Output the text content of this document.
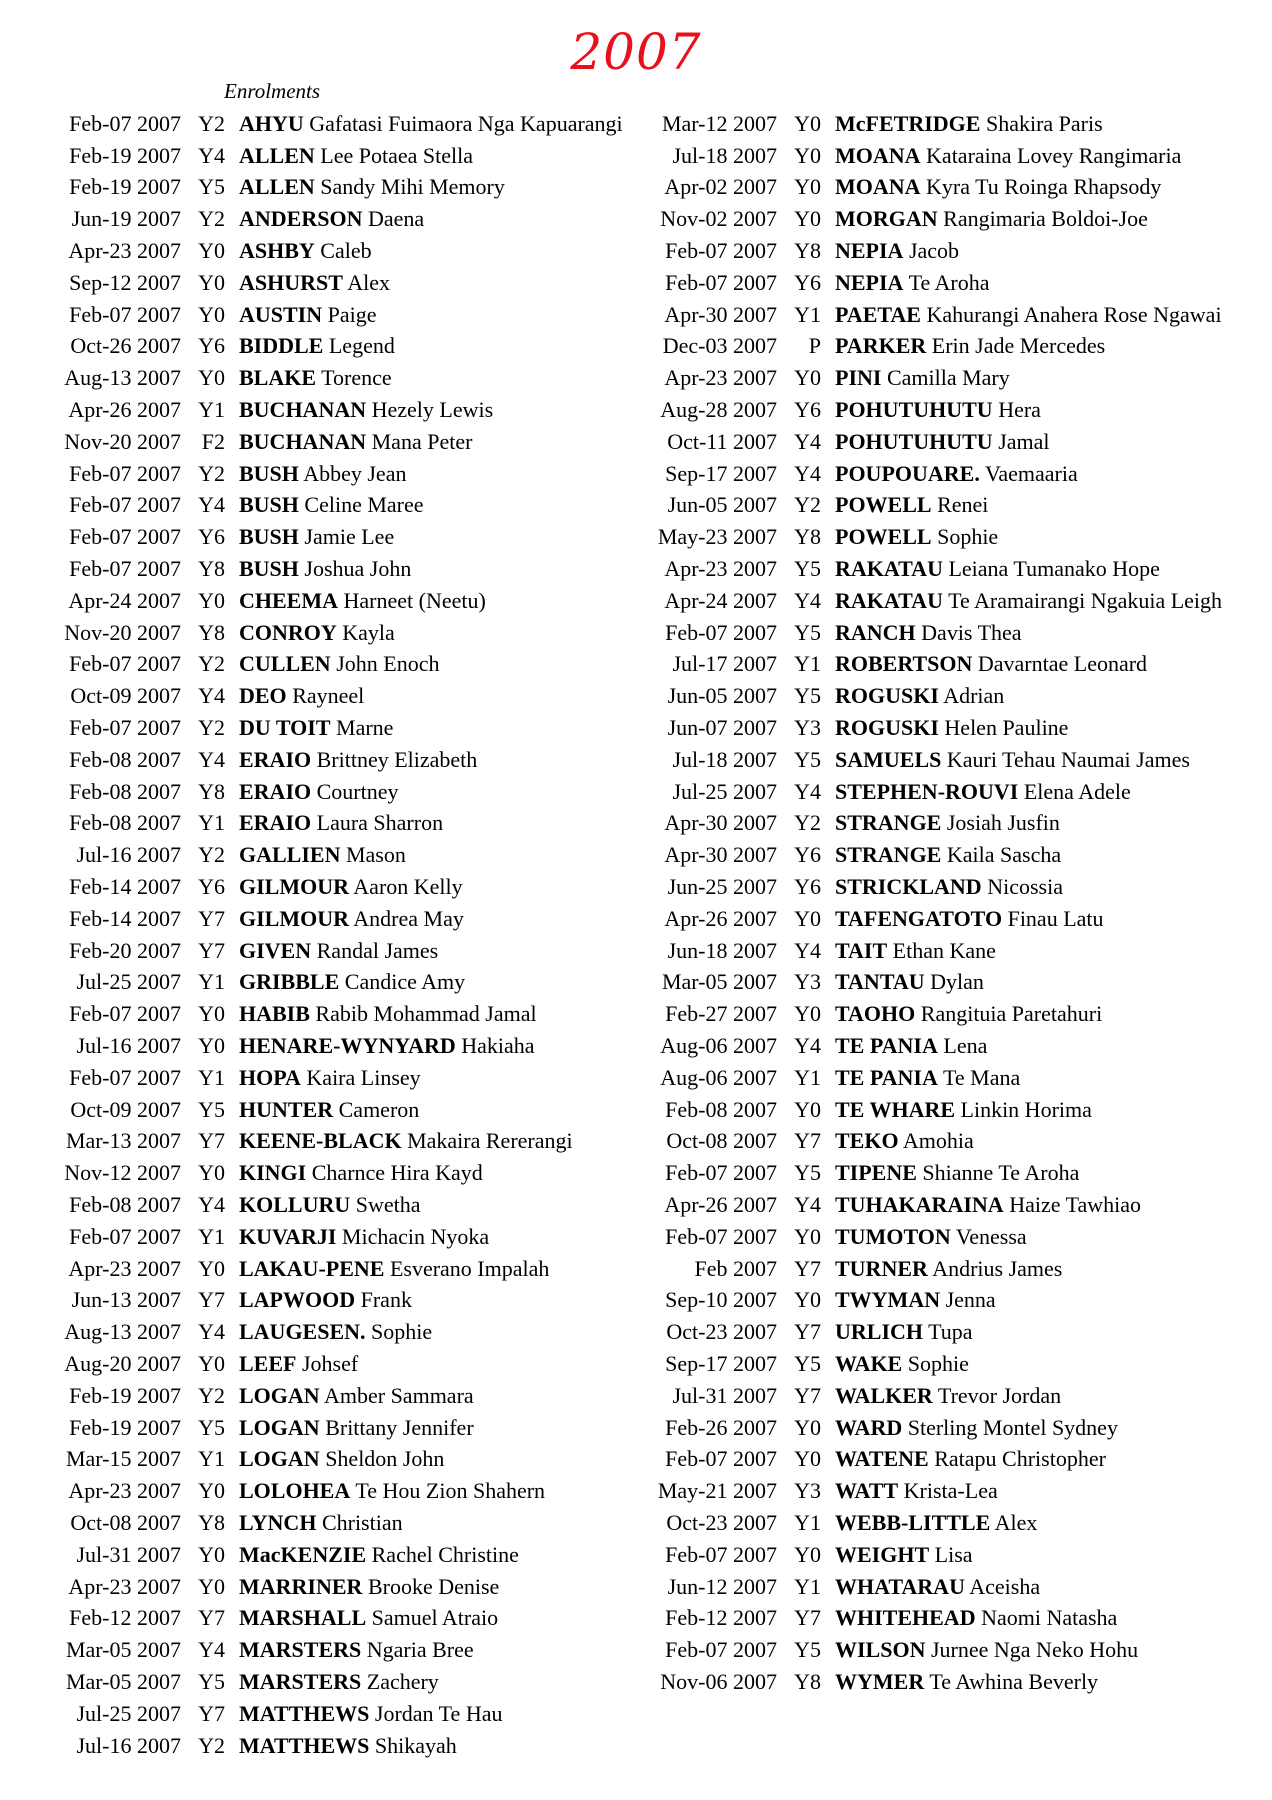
2007
Enrolments
Feb-07 2007 Y2 AHYU Gafatasi Fuimaora Nga Kapuarangi
Feb-19 2007 Y4 ALLEN Lee Potaea Stella
Feb-19 2007 Y5 ALLEN Sandy Mihi Memory
Jun-19 2007 Y2 ANDERSON Daena
Apr-23 2007 Y0 ASHBY Caleb
Sep-12 2007 Y0 ASHURST Alex
Feb-07 2007 Y0 AUSTIN Paige
Oct-26 2007 Y6 BIDDLE Legend
Aug-13 2007 Y0 BLAKE Torence
Apr-26 2007 Y1 BUCHANAN Hezely Lewis
Nov-20 2007 F2 BUCHANAN Mana Peter
Feb-07 2007 Y2 BUSH Abbey Jean
Feb-07 2007 Y4 BUSH Celine Maree
Feb-07 2007 Y6 BUSH Jamie Lee
Feb-07 2007 Y8 BUSH Joshua John
Apr-24 2007 Y0 CHEEMA Harneet (Neetu)
Nov-20 2007 Y8 CONROY Kayla
Feb-07 2007 Y2 CULLEN John Enoch
Oct-09 2007 Y4 DEO Rayneel
Feb-07 2007 Y2 DU TOIT Marne
Feb-08 2007 Y4 ERAIO Brittney Elizabeth
Feb-08 2007 Y8 ERAIO Courtney
Feb-08 2007 Y1 ERAIO Laura Sharron
Jul-16 2007 Y2 GALLIEN Mason
Feb-14 2007 Y6 GILMOUR Aaron Kelly
Feb-14 2007 Y7 GILMOUR Andrea May
Feb-20 2007 Y7 GIVEN Randal James
Jul-25 2007 Y1 GRIBBLE Candice Amy
Feb-07 2007 Y0 HABIB Rabib Mohammad Jamal
Jul-16 2007 Y0 HENARE-WYNYARD Hakiaha
Feb-07 2007 Y1 HOPA Kaira Linsey
Oct-09 2007 Y5 HUNTER Cameron
Mar-13 2007 Y7 KEENE-BLACK Makaira Rererangi
Nov-12 2007 Y0 KINGI Charnce Hira Kayd
Feb-08 2007 Y4 KOLLURU Swetha
Feb-07 2007 Y1 KUVARJI Michacin Nyoka
Apr-23 2007 Y0 LAKAU-PENE Esverano Impalah
Jun-13 2007 Y7 LAPWOOD Frank
Aug-13 2007 Y4 LAUGESEN. Sophie
Aug-20 2007 Y0 LEEF Johsef
Feb-19 2007 Y2 LOGAN Amber Sammara
Feb-19 2007 Y5 LOGAN Brittany Jennifer
Mar-15 2007 Y1 LOGAN Sheldon John
Apr-23 2007 Y0 LOLOHEA Te Hou Zion Shahern
Oct-08 2007 Y8 LYNCH Christian
Jul-31 2007 Y0 MacKENZIE Rachel Christine
Apr-23 2007 Y0 MARRINER Brooke Denise
Feb-12 2007 Y7 MARSHALL Samuel Atraio
Mar-05 2007 Y4 MARSTERS Ngaria Bree
Mar-05 2007 Y5 MARSTERS Zachery
Jul-25 2007 Y7 MATTHEWS Jordan Te Hau
Jul-16 2007 Y2 MATTHEWS Shikayah
Mar-12 2007 Y0 McFETRIDGE Shakira Paris
Jul-18 2007 Y0 MOANA Kataraina Lovey Rangimaria
Apr-02 2007 Y0 MOANA Kyra Tu Roinga Rhapsody
Nov-02 2007 Y0 MORGAN Rangimaria Boldoi-Joe
Feb-07 2007 Y8 NEPIA Jacob
Feb-07 2007 Y6 NEPIA Te Aroha
Apr-30 2007 Y1 PAETAE Kahurangi Anahera Rose Ngawai
Dec-03 2007	P PARKER Erin Jade Mercedes
Apr-23 2007 Y0 PINI Camilla Mary
Aug-28 2007 Y6 POHUTUHUTU Hera
Oct-11 2007 Y4 POHUTUHUTU Jamal
Sep-17 2007 Y4 POUPOUARE. Vaemaaria
Jun-05 2007 Y2 POWELL Renei
May-23 2007 Y8 POWELL Sophie
Apr-23 2007 Y5 RAKATAU Leiana Tumanako Hope
Apr-24 2007 Y4 RAKATAU Te Aramairangi Ngakuia Leigh
Feb-07 2007 Y5 RANCH Davis Thea
Jul-17 2007 Y1 ROBERTSON Davarntae Leonard
Jun-05 2007 Y5 ROGUSKI Adrian
Jun-07 2007 Y3 ROGUSKI Helen Pauline
Jul-18 2007 Y5 SAMUELS Kauri Tehau Naumai James
Jul-25 2007 Y4 STEPHEN-ROUVI Elena Adele
Apr-30 2007 Y2 STRANGE Josiah Jusfin
Apr-30 2007 Y6 STRANGE Kaila Sascha
Jun-25 2007 Y6 STRICKLAND Nicossia
Apr-26 2007 Y0 TAFENGATOTO Finau Latu
Jun-18 2007 Y4 TAIT Ethan Kane
Mar-05 2007 Y3 TANTAU Dylan
Feb-27 2007 Y0 TAOHO Rangituia Paretahuri
Aug-06 2007 Y4 TE PANIA Lena
Aug-06 2007 Y1 TE PANIA Te Mana
Feb-08 2007 Y0 TE WHARE Linkin Horima
Oct-08 2007 Y7 TEKO Amohia
Feb-07 2007 Y5 TIPENE Shianne Te Aroha
Apr-26 2007 Y4 TUHAKARAINA Haize Tawhiao
Feb-07 2007 Y0 TUMOTON Venessa
Feb 2007 Y7 TURNER Andrius James
Sep-10 2007 Y0 TWYMAN Jenna
Oct-23 2007 Y7 URLICH Tupa
Sep-17 2007 Y5 WAKE Sophie
Jul-31 2007 Y7 WALKER Trevor Jordan
Feb-26 2007 Y0 WARD Sterling Montel Sydney
Feb-07 2007 Y0 WATENE Ratapu Christopher
May-21 2007 Y3 WATT Krista-Lea
Oct-23 2007 Y1 WEBB-LITTLE Alex
Feb-07 2007 Y0 WEIGHT Lisa
Jun-12 2007 Y1 WHATARAU Aceisha
Feb-12 2007 Y7 WHITEHEAD Naomi Natasha
Feb-07 2007 Y5 WILSON Jurnee Nga Neko Hohu
Nov-06 2007 Y8 WYMER Te Awhina Beverly
